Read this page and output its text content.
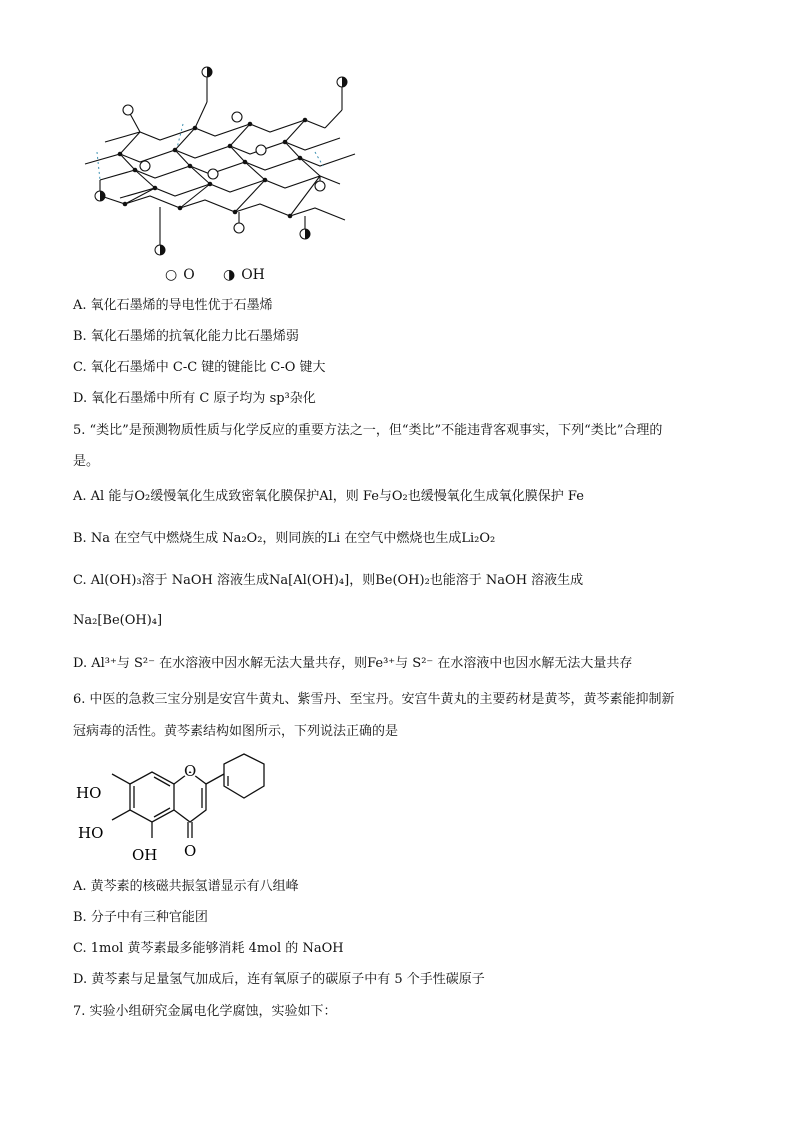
○ O ◑ OH
A. 氧化石墨烯的导电性优于石墨烯
B. 氧化石墨烯的抗氧化能力比石墨烯弱
C. 氧化石墨烯中 C-C 键的键能比 C-O 键大
D. 氧化石墨烯中所有 C 原子均为 sp³杂化
5. “类比”是预测物质性质与化学反应的重要方法之一，但“类比”不能违背客观事实，下列“类比”合理的
是。
A. Al 能与O₂缓慢氧化生成致密氧化膜保护Al，则 Fe与O₂也缓慢氧化生成氧化膜保护 Fe
B. Na 在空气中燃烧生成 Na₂O₂，则同族的Li 在空气中燃烧也生成Li₂O₂
C. Al(OH)₃溶于 NaOH 溶液生成Na[Al(OH)₄]，则Be(OH)₂也能溶于 NaOH 溶液生成
Na₂[Be(OH)₄]
D. Al³⁺与 S²⁻ 在水溶液中因水解无法大量共存，则Fe³⁺与 S²⁻ 在水溶液中也因水解无法大量共存
6. 中医的急救三宝分别是安宫牛黄丸、紫雪丹、至宝丹。安宫牛黄丸的主要药材是黄芩，黄芩素能抑制新
冠病毒的活性。黄芩素结构如图所示，下列说法正确的是
HO
HO
OH
O
O
A. 黄芩素的核磁共振氢谱显示有八组峰
B. 分子中有三种官能团
C. 1mol 黄芩素最多能够消耗 4mol 的 NaOH
D. 黄芩素与足量氢气加成后，连有氧原子的碳原子中有 5 个手性碳原子
7. 实验小组研究金属电化学腐蚀，实验如下：
